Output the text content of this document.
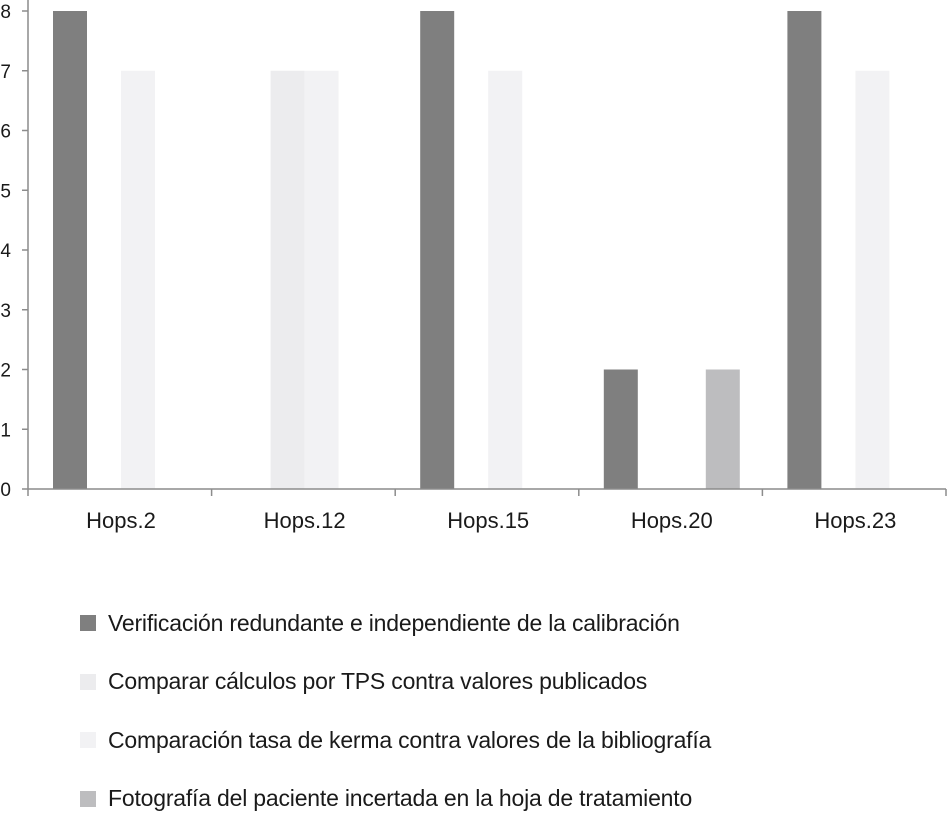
0
1
2
3
4
5
6
7
8
Hops.2	Hops.12	Hops.15	Hops.20	Hops.23
Verificación redundante e independiente de la calibración
Comparar cálculos por TPS contra valores publicados
Comparación tasa de kerma contra valores de la bibliografía
Fotografía del paciente incertada en la hoja de tratamiento
